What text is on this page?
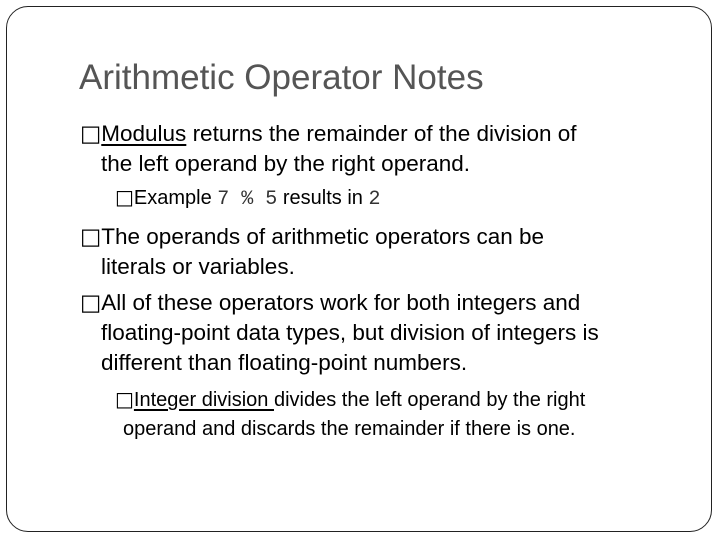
Arithmetic Operator Notes
□Modulus returns the remainder of the division of
the left operand by the right operand.
□Example 7 % 5 results in 2
□The operands of arithmetic operators can be
literals or variables.
□All of these operators work for both integers and
floating-point data types, but division of integers is
different than floating-point numbers.
□Integer division divides the left operand by the right
operand and discards the remainder if there is one.
